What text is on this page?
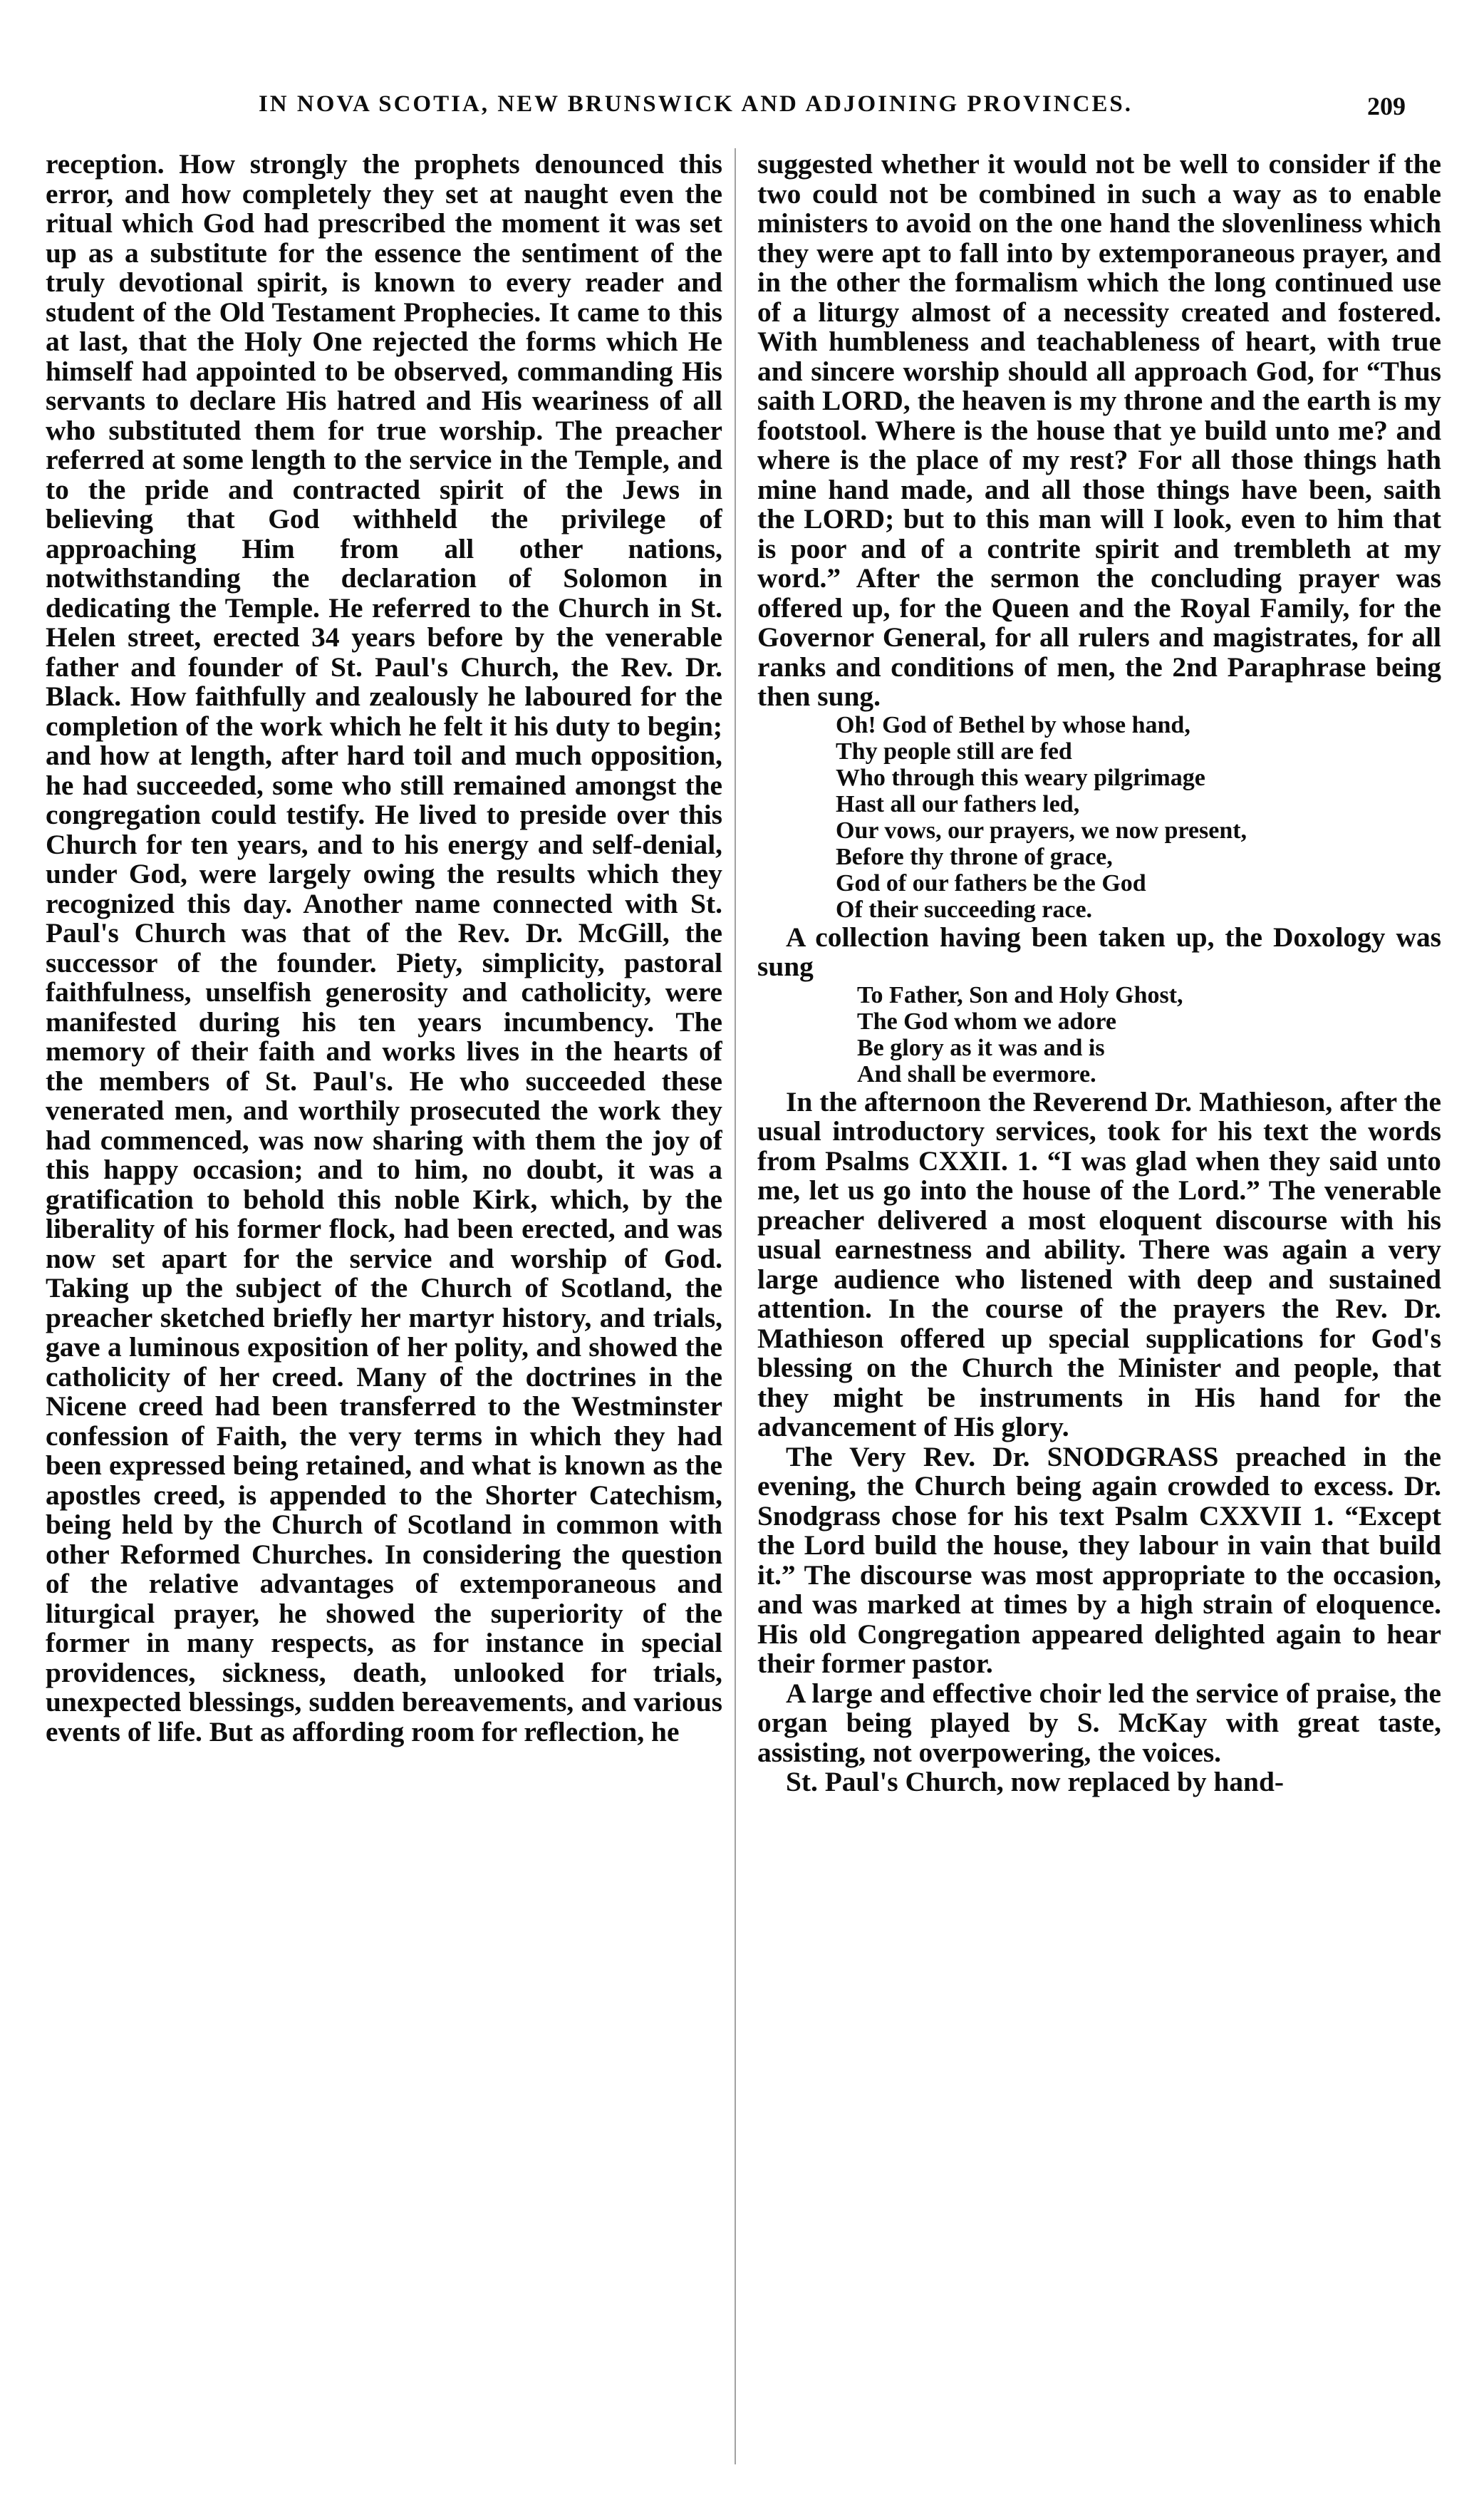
IN NOVA SCOTIA, NEW BRUNSWICK AND ADJOINING PROVINCES.	209

reception. How strongly the prophets denounced this error, and how completely they set at naught even the ritual which God had prescribed the moment it was set up as a substitute for the essence the sentiment of the truly devotional spirit, is known to every reader and student of the Old Testament Prophecies. It came to this at last, that the Holy One rejected the forms which He himself had appointed to be observed, commanding His servants to declare His hatred and His weariness of all who substituted them for true worship. The preacher referred at some length to the service in the Temple, and to the pride and contracted spirit of the Jews in believing that God withheld the privilege of approaching Him from all other nations, notwithstanding the declaration of Solomon in dedicating the Temple. He referred to the Church in St. Helen street, erected 34 years before by the venerable father and founder of St. Paul's Church, the Rev. Dr. Black. How faithfully and zealously he laboured for the completion of the work which he felt it his duty to begin; and how at length, after hard toil and much opposition, he had succeeded, some who still remained amongst the congregation could testify. He lived to preside over this Church for ten years, and to his energy and self-denial, under God, were largely owing the results which they recognized this day. Another name connected with St. Paul's Church was that of the Rev. Dr. McGill, the successor of the founder. Piety, simplicity, pastoral faithfulness, unselfish generosity and catholicity, were manifested during his ten years incumbency. The memory of their faith and works lives in the hearts of the members of St. Paul's. He who succeeded these venerated men, and worthily prosecuted the work they had commenced, was now sharing with them the joy of this happy occasion; and to him, no doubt, it was a gratification to behold this noble Kirk, which, by the liberality of his former flock, had been erected, and was now set apart for the service and worship of God. Taking up the subject of the Church of Scotland, the preacher sketched briefly her martyr history, and trials, gave a luminous exposition of her polity, and showed the catholicity of her creed. Many of the doctrines in the Nicene creed had been transferred to the Westminster confession of Faith, the very terms in which they had been expressed being retained, and what is known as the apostles creed, is appended to the Shorter Catechism, being held by the Church of Scotland in common with other Reformed Churches. In considering the question of the relative advantages of extemporaneous and liturgical prayer, he showed the superiority of the former in many respects, as for instance in special providences, sickness, death, unlooked for trials, unexpected blessings, sudden bereavements, and various events of life. But as affording room for reflection, he

suggested whether it would not be well to consider if the two could not be combined in such a way as to enable ministers to avoid on the one hand the slovenliness which they were apt to fall into by extemporaneous prayer, and in the other the formalism which the long continued use of a liturgy almost of a necessity created and fostered. With humbleness and teachableness of heart, with true and sincere worship should all approach God, for “Thus saith LORD, the heaven is my throne and the earth is my footstool. Where is the house that ye build unto me? and where is the place of my rest? For all those things hath mine hand made, and all those things have been, saith the LORD; but to this man will I look, even to him that is poor and of a contrite spirit and trembleth at my word.” After the sermon the concluding prayer was offered up, for the Queen and the Royal Family, for the Governor General, for all rulers and magistrates, for all ranks and conditions of men, the 2nd Paraphrase being then sung.

Oh! God of Bethel by whose hand,
Thy people still are fed
Who through this weary pilgrimage
Hast all our fathers led,
Our vows, our prayers, we now present,
Before thy throne of grace,
God of our fathers be the God
Of their succeeding race.

A collection having been taken up, the Doxology was sung

To Father, Son and Holy Ghost,
The God whom we adore
Be glory as it was and is
And shall be evermore.

In the afternoon the Reverend Dr. Mathieson, after the usual introductory services, took for his text the words from Psalms CXXII. 1. “I was glad when they said unto me, let us go into the house of the Lord.” The venerable preacher delivered a most eloquent discourse with his usual earnestness and ability. There was again a very large audience who listened with deep and sustained attention. In the course of the prayers the Rev. Dr. Mathieson offered up special supplications for God's blessing on the Church the Minister and people, that they might be instruments in His hand for the advancement of His glory.

The Very Rev. Dr. SNODGRASS preached in the evening, the Church being again crowded to excess. Dr. Snodgrass chose for his text Psalm CXXVII 1. “Except the Lord build the house, they labour in vain that build it.” The discourse was most appropriate to the occasion, and was marked at times by a high strain of eloquence. His old Congregation appeared delighted again to hear their former pastor.

A large and effective choir led the service of praise, the organ being played by S. McKay with great taste, assisting, not overpowering, the voices.

St. Paul's Church, now replaced by hand-
